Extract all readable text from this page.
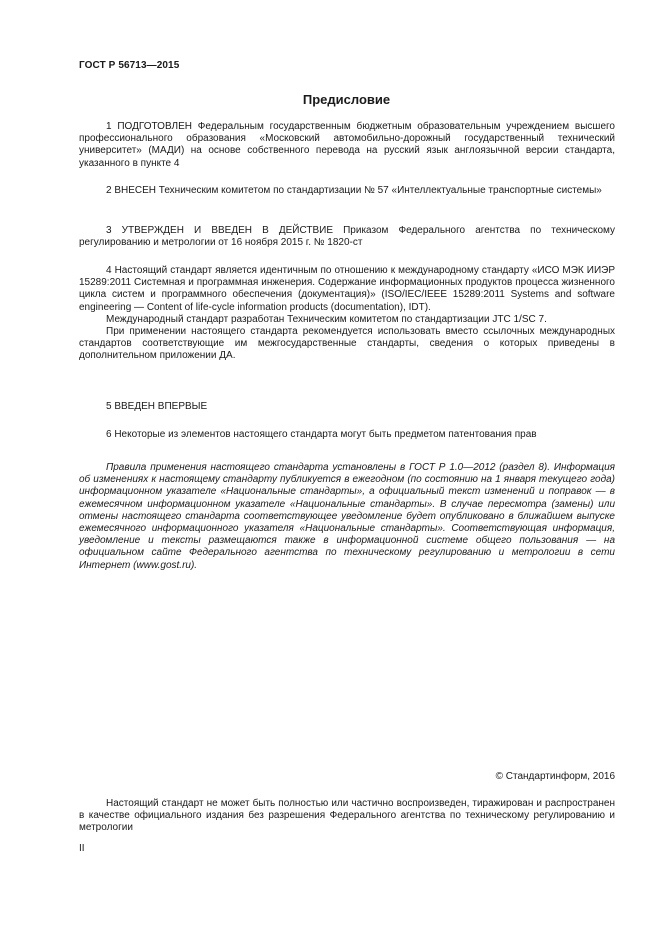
ГОСТ Р 56713—2015
Предисловие

1 ПОДГОТОВЛЕН Федеральным государственным бюджетным образовательным учреждением высшего профессионального образования «Московский автомобильно-дорожный государственный технический университет» (МАДИ) на основе собственного перевода на русский язык англоязычной версии стандарта, указанного в пункте 4

2 ВНЕСЕН Техническим комитетом по стандартизации № 57 «Интеллектуальные транспортные системы»

3 УТВЕРЖДЕН И ВВЕДЕН В ДЕЙСТВИЕ Приказом Федерального агентства по техническому регулированию и метрологии от 16 ноября 2015 г. № 1820-ст

4 Настоящий стандарт является идентичным по отношению к международному стандарту «ИСО МЭК ИИЭР 15289:2011 Системная и программная инженерия. Содержание информационных продуктов процесса жизненного цикла систем и программного обеспечения (документация)» (ISO/IEC/IEEE 15289:2011 Systems and software engineering — Content of life-cycle information products (documentation), IDT).

Международный стандарт разработан Техническим комитетом по стандартизации JTC 1/SC 7.

При применении настоящего стандарта рекомендуется использовать вместо ссылочных международных стандартов соответствующие им межгосударственные стандарты, сведения о которых приведены в дополнительном приложении ДА.

5 ВВЕДЕН ВПЕРВЫЕ

6 Некоторые из элементов настоящего стандарта могут быть предметом патентования прав

Правила применения настоящего стандарта установлены в ГОСТ Р 1.0—2012 (раздел 8). Информация об изменениях к настоящему стандарту публикуется в ежегодном (по состоянию на 1 января текущего года) информационном указателе «Национальные стандарты», а официальный текст изменений и поправок — в ежемесячном информационном указателе «Национальные стандарты». В случае пересмотра (замены) или отмены настоящего стандарта соответствующее уведомление будет опубликовано в ближайшем выпуске ежемесячного информационного указателя «Национальные стандарты». Соответствующая информация, уведомление и тексты размещаются также в информационной системе общего пользования — на официальном сайте Федерального агентства по техническому регулированию и метрологии в сети Интернет (www.gost.ru).

© Стандартинформ, 2016

Настоящий стандарт не может быть полностью или частично воспроизведен, тиражирован и распространен в качестве официального издания без разрешения Федерального агентства по техническому регулированию и метрологии

II
